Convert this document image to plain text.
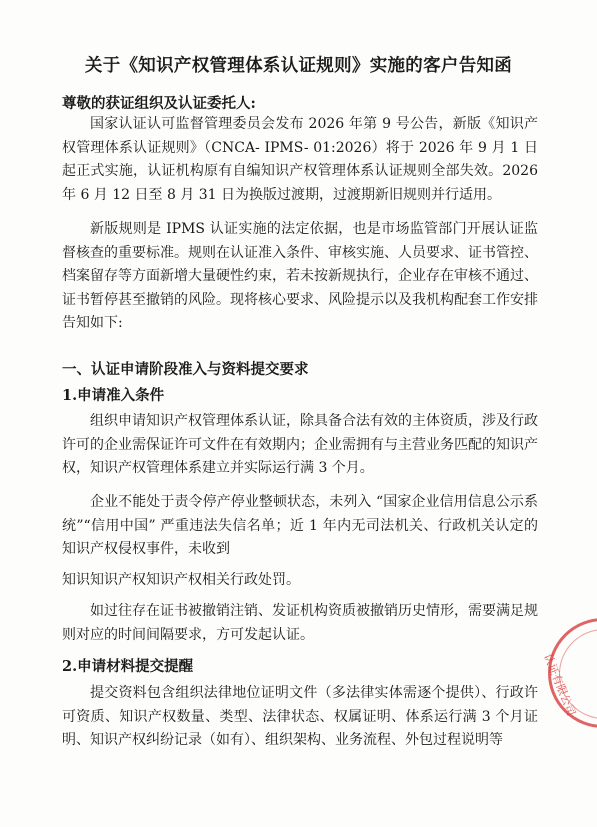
关于《知识产权管理体系认证规则》实施的客户告知函
尊敬的获证组织及认证委托人:
国家认证认可监督管理委员会发布 2026 年第 9 号公告，新版《知识产权管理体系认证规则》（CNCA- IPMS- 01:2026）将于 2026 年 9 月 1 日起正式实施，认证机构原有自编知识产权管理体系认证规则全部失效。2026 年 6 月 12 日至 8 月 31 日为换版过渡期，过渡期新旧规则并行适用。
新版规则是 IPMS 认证实施的法定依据，也是市场监管部门开展认证监督核查的重要标准。规则在认证准入条件、审核实施、人员要求、证书管控、档案留存等方面新增大量硬性约束，若未按新规执行，企业存在审核不通过、证书暂停甚至撤销的风险。现将核心要求、风险提示以及我机构配套工作安排告知如下:
一、认证申请阶段准入与资料提交要求
1.申请准入条件
组织申请知识产权管理体系认证，除具备合法有效的主体资质，涉及行政许可的企业需保证许可文件在有效期内；企业需拥有与主营业务匹配的知识产权，知识产权管理体系建立并实际运行满 3 个月。
企业不能处于责令停产停业整顿状态，未列入 “国家企业信用信息公示系统”“信用中国” 严重违法失信名单；近 1 年内无司法机关、行政机关认定的知识产权侵权事件，未收到
知识知识产权知识产权相关行政处罚。
如过往存在证书被撤销注销、发证机构资质被撤销历史情形，需要满足规则对应的时间间隔要求，方可发起认证。
2.申请材料提交提醒
提交资料包含组织法律地位证明文件（多法律实体需逐个提供）、行政许可资质、知识产权数量、类型、法律状态、权属证明、体系运行满 3 个月证明、知识产权纠纷记录（如有）、组织架构、业务流程、外包过程说明等
认证有限公司
